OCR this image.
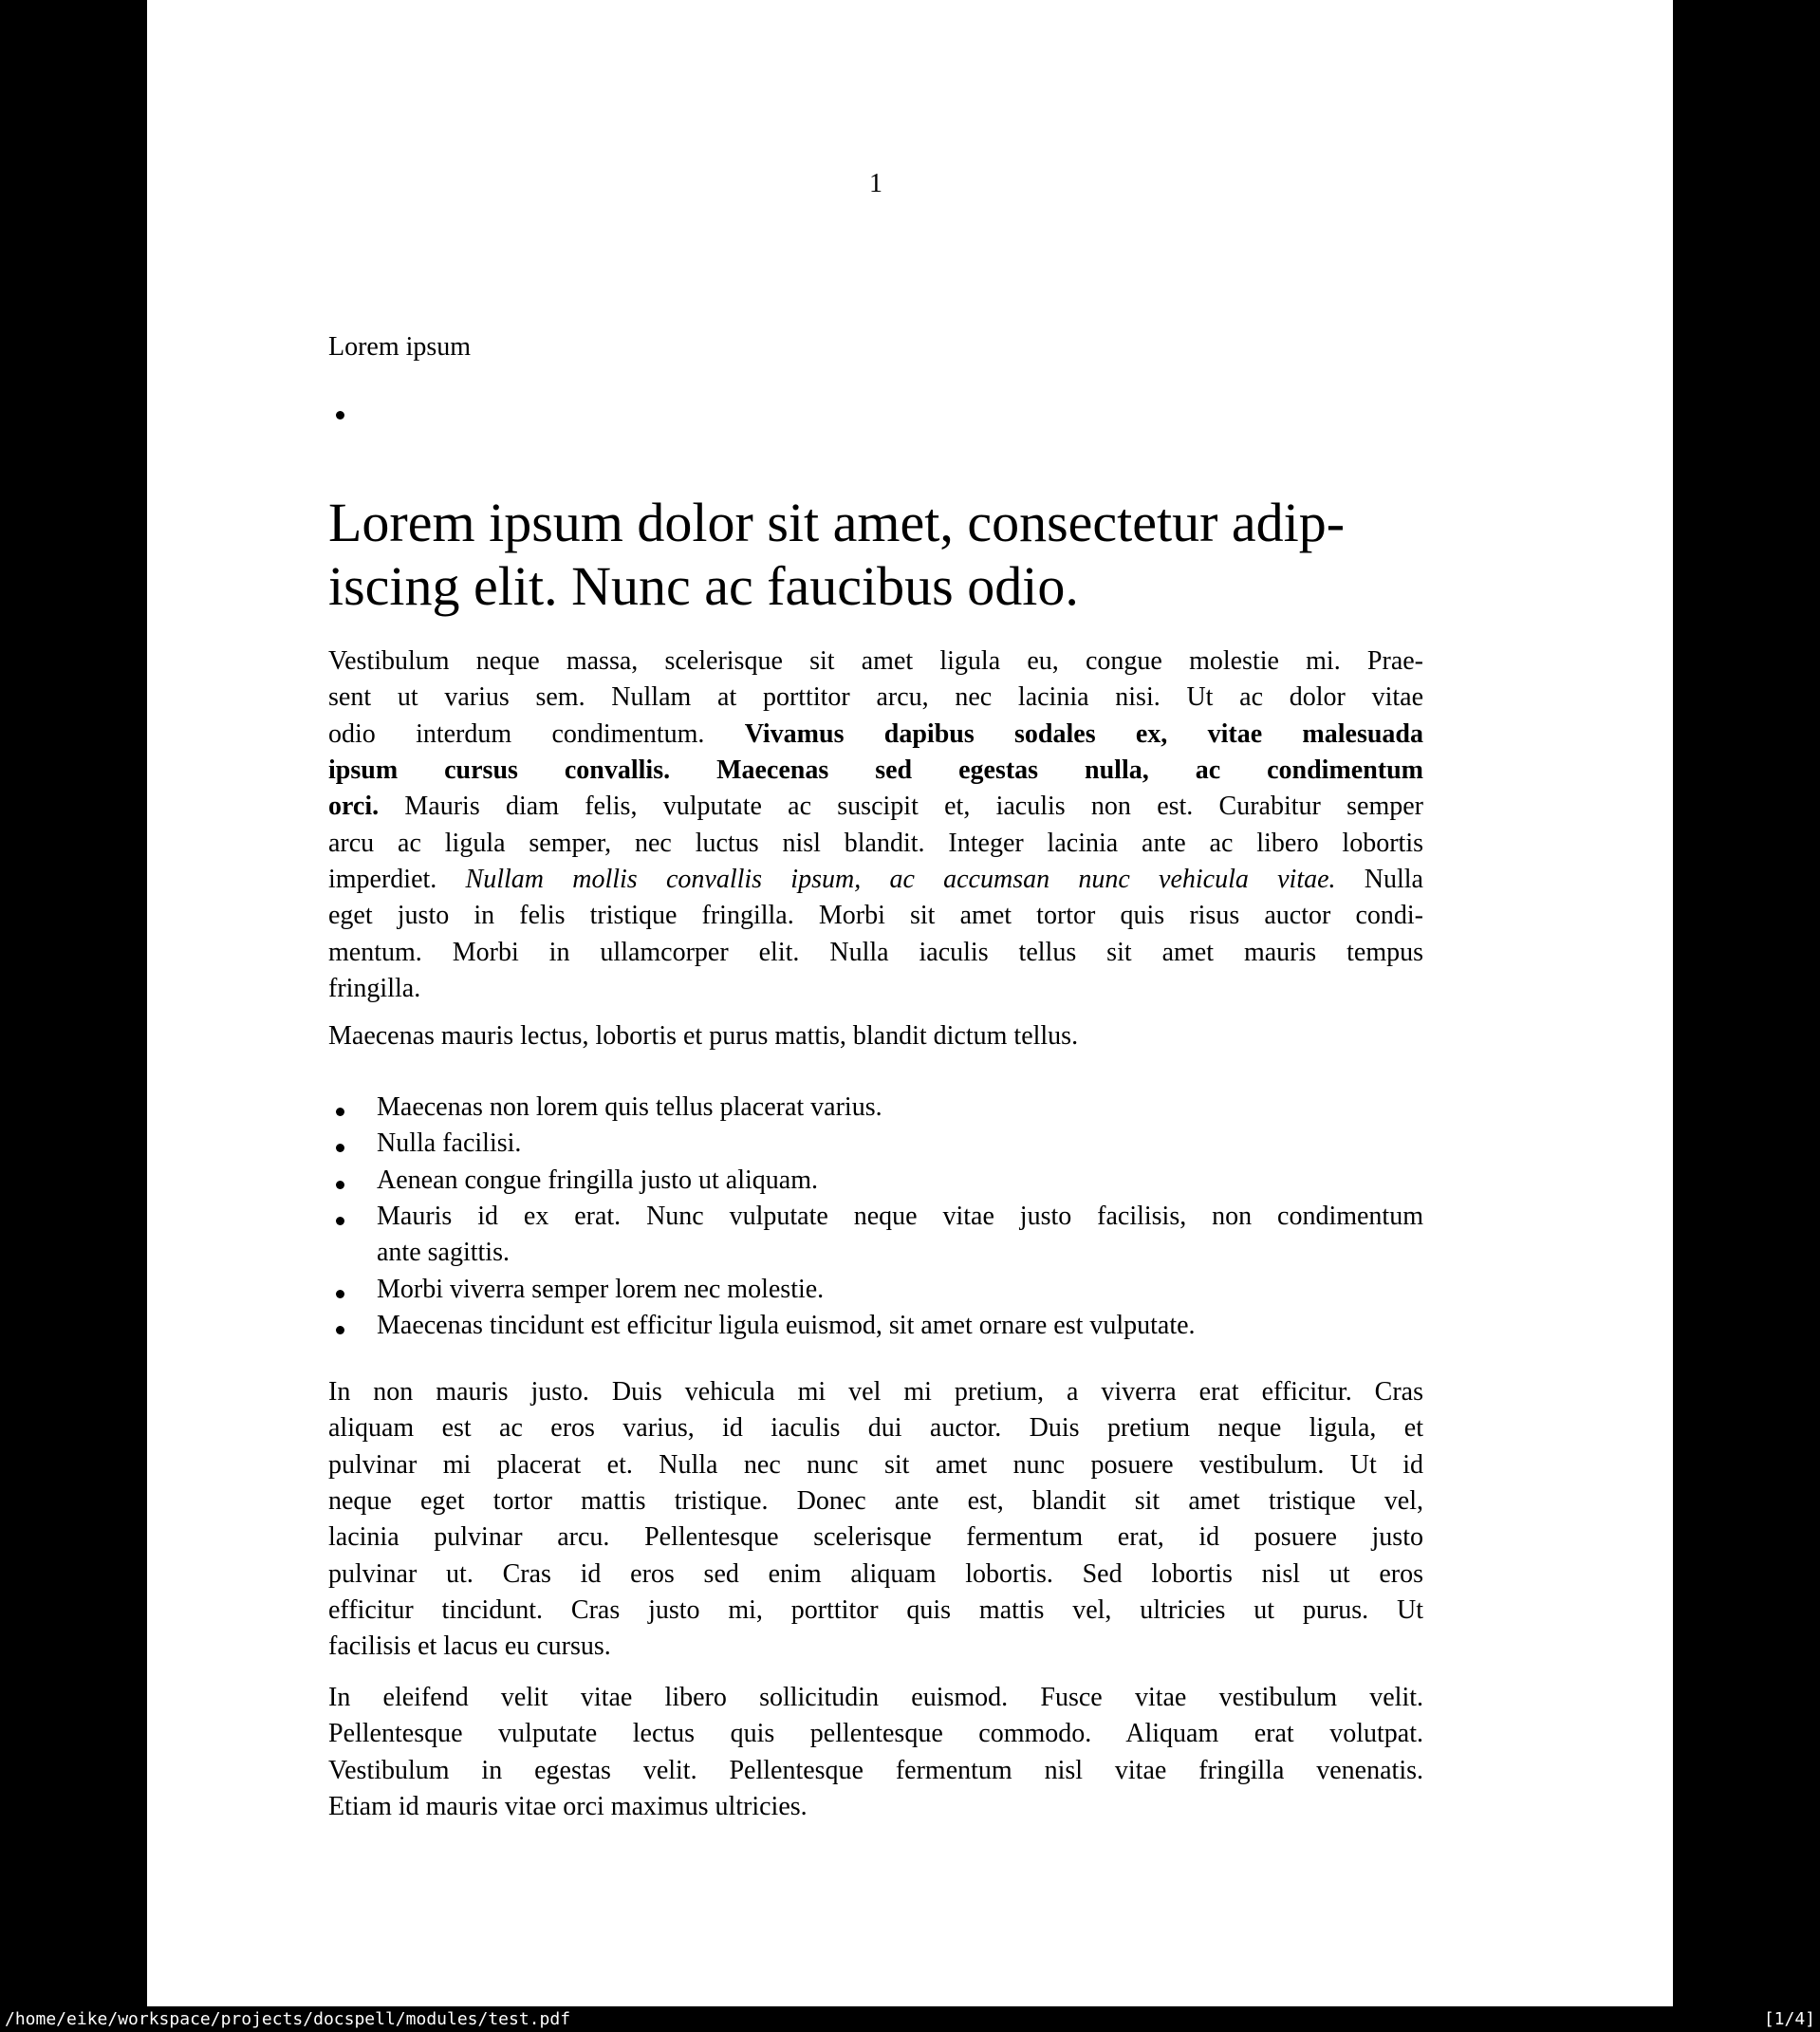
1
Lorem ipsum
Lorem ipsum dolor sit amet, consectetur adip-
iscing elit. Nunc ac faucibus odio.
Vestibulum neque massa, scelerisque sit amet ligula eu, congue molestie mi. Prae-
sent ut varius sem. Nullam at porttitor arcu, nec lacinia nisi. Ut ac dolor vitae
odio interdum condimentum. Vivamus dapibus sodales ex, vitae malesuada
ipsum cursus convallis. Maecenas sed egestas nulla, ac condimentum
orci. Mauris diam felis, vulputate ac suscipit et, iaculis non est. Curabitur semper
arcu ac ligula semper, nec luctus nisl blandit. Integer lacinia ante ac libero lobortis
imperdiet. Nullam mollis convallis ipsum, ac accumsan nunc vehicula vitae. Nulla
eget justo in felis tristique fringilla. Morbi sit amet tortor quis risus auctor condi-
mentum. Morbi in ullamcorper elit. Nulla iaculis tellus sit amet mauris tempus
fringilla.
Maecenas mauris lectus, lobortis et purus mattis, blandit dictum tellus.
Maecenas non lorem quis tellus placerat varius.
Nulla facilisi.
Aenean congue fringilla justo ut aliquam.
Mauris id ex erat. Nunc vulputate neque vitae justo facilisis, non condimentum
ante sagittis.
Morbi viverra semper lorem nec molestie.
Maecenas tincidunt est efficitur ligula euismod, sit amet ornare est vulputate.
In non mauris justo. Duis vehicula mi vel mi pretium, a viverra erat efficitur. Cras
aliquam est ac eros varius, id iaculis dui auctor. Duis pretium neque ligula, et
pulvinar mi placerat et. Nulla nec nunc sit amet nunc posuere vestibulum. Ut id
neque eget tortor mattis tristique. Donec ante est, blandit sit amet tristique vel,
lacinia pulvinar arcu. Pellentesque scelerisque fermentum erat, id posuere justo
pulvinar ut. Cras id eros sed enim aliquam lobortis. Sed lobortis nisl ut eros
efficitur tincidunt. Cras justo mi, porttitor quis mattis vel, ultricies ut purus. Ut
facilisis et lacus eu cursus.
In eleifend velit vitae libero sollicitudin euismod. Fusce vitae vestibulum velit.
Pellentesque vulputate lectus quis pellentesque commodo. Aliquam erat volutpat.
Vestibulum in egestas velit. Pellentesque fermentum nisl vitae fringilla venenatis.
Etiam id mauris vitae orci maximus ultricies.
/home/eike/workspace/projects/docspell/modules/test.pdf	[1/4]
